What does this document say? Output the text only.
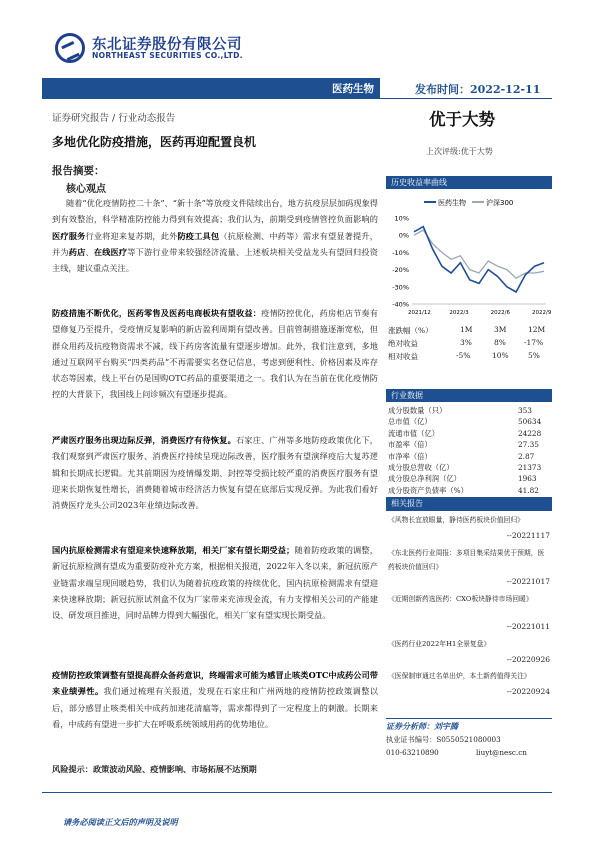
东北证券股份有限公司
NORTHEAST SECURITIES CO.,LTD.
医药生物	发布时间：2022-12-11
证券研究报告 / 行业动态报告
多地优化防疫措施，医药再迎配置良机
报告摘要：
核心观点
随着“优化疫情防控二十条”、“新十条”等放疫文件陆续出台，地方抗疫层层加码现象得到有效整治，科学精准防控能力得到有效提高；我们认为，前期受到疫情管控负面影响的医疗服务行业将迎来复苏期，此外防疫工具包（抗原检测、中药等）需求有望显著提升，并为药店、在线医疗等下游行业带来较强经济流量、上述板块相关受益龙头有望回归投资主线，建议重点关注。
防疫措施不断优化，医药零售及医药电商板块有望收益：疫情防控优化，药房柜店节奏有望修复乃至提升，受疫情反复影响的新店盈利周期有望改善。目前管制措施逐渐宽松，但群众用药及抗疫物资需求不减，线下药房客流量有望逐步增加。此外，我们注意到，多地通过互联网平台购买“四类药品”不再需要实名登记信息，考虑到便利性、价格因素及库存状态等因素，线上平台仍是国购OTC药品的重要渠道之一。我们认为在当前在优化疫情防控的大背景下，我国线上问诊频次有望逐步提高。
严肃医疗服务出现边际反弹，消费医疗有待恢复。石家庄、广州等多地防疫政策优化下，我们观察到严肃医疗服务、消费医疗持续呈现边际改善，医疗服务有望演绎疫后大复苏逻辑和长期成长逻辑。尤其前期因为疫情爆发期、封控等受损比较严重的消费医疗服务有望迎来长期恢复性增长，消费随着城市经济活力恢复有望在底部后实现反弹。为此我们看好消费医疗龙头公司2023年业绩边际改善。
国内抗原检测需求有望迎来快速释放期，相关厂家有望长期受益；随着防疫政策的调整，新冠抗原检测有望成为重要防疫补充方案，根据相关报道，2022年入冬以来，新冠抗原产业链需求端呈现回暖趋势，我们认为随着抗疫政策的持续优化，国内抗原检测需求有望迎来快速释放期；新冠抗原试剂盒不仅为厂家带来充沛现金流，有力支撑相关公司的产能建设、研发项目推进，同时品牌力得到大幅强化，相关厂家有望实现长期受益。
疫情防控政策调整有望提高群众备药意识，终端需求可能为感冒止咳类OTC中成药公司带来业绩弹性。我们通过梳理有关报道，发现在石家庄和广州两地的疫情防控政策调整以后，部分感冒止咳类相关中成药加速花清瘟等，需求都得到了一定程度上的刺激。长期来看，中成药有望进一步扩大在呼吸系统领域用药的优势地位。
风险提示：政策波动风险、疫情影响、市场拓展不达预期
请务必阅读正文后的声明及说明
优于大势
上次评级:优于大势
历史收益率曲线
10%
0%
-10%
-20%
-30%
-40%
2021/12	2022/3	2022/6	2022/9
医药生物	沪深300
涨跌幅（%）	1M	3M	12M
绝对收益	3%	8% -17%
相对收益	-5%	10%	5%
行业数据
成分股数量（只）	353
总市值（亿）	50634
流通市值（亿）	24228
市盈率（倍）	27.35
市净率（倍）	2.87
成分股总营收（亿）	21373
成分股总净利润（亿）	1963
成分股资产负债率（%）	41.82
相关报告
《风物长宜放眼量，静待医药板块价值回归》
--20221117
《东北医药行业周报：多项目集采结果优于预期，医药板块价值回归》
--20221017
《近期创新药选医药：CXO板块静待市场回暖》
--20221011
《医药行业2022年H1全景复盘》
--20220926
《医保制审通过名单出炉，本土新药值得关注》
--20220924
证券分析师：刘宇腾
执业证书编号：S0550521080003
010-63210890	liuyt@nesc.cn
